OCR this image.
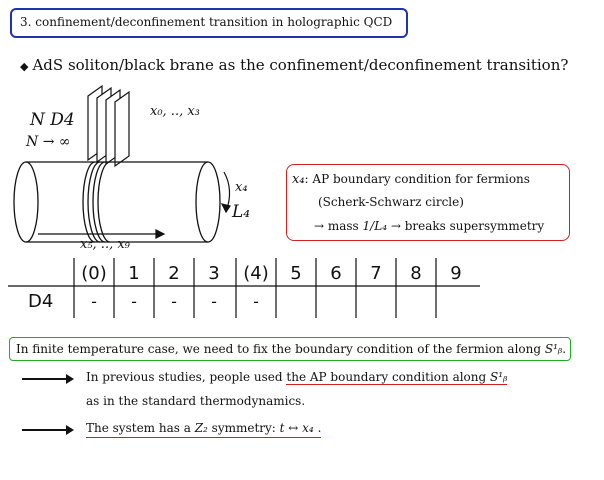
3. confinement/deconfinement transition in holographic QCD
◆ AdS soliton/black brane as the confinement/deconfinement transition?
N D4
N → ∞
x₀, .., x₃
x₄
L₄
x₅, .., x₉
x₄: AP boundary condition for fermions
(Scherk-Schwarz circle)
→ mass 1/L₄ → breaks supersymmetry
(0)	1	2	3	(4)	5	6	7	8	9
D4	-	-	-	-	-
In finite temperature case, we need to fix the boundary condition of the fermion along S¹ᵦ.
In previous studies, people used the AP boundary condition along S¹ᵦ
as in the standard thermodynamics.
The system has a Z₂ symmetry: t ↔ x₄ .
